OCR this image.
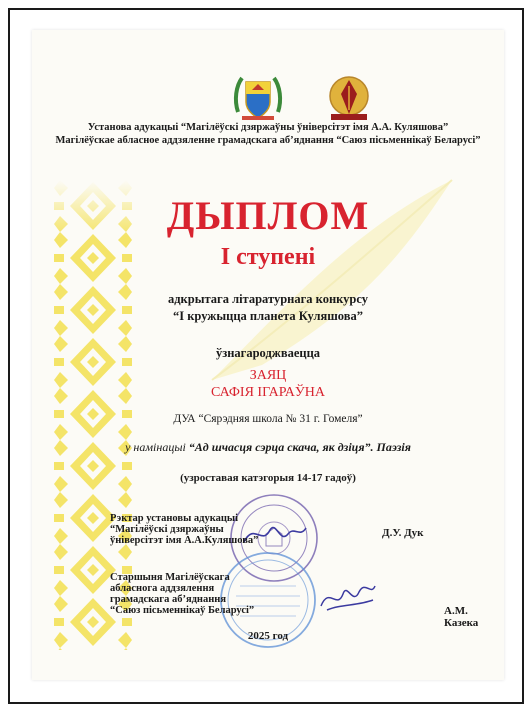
Установа адукацыі “Магілёўскі дзяржаўны ўніверсітэт імя А.А. Куляшова”
Магілёўскае абласное аддзяленне грамадскага аб’яднання “Саюз пісьменнікаў Беларусі”
ДЫПЛОМ
І ступені
адкрытага літаратурнага конкурсу
“І кружыцца планета Куляшова”
ўзнагароджваецца
ЗАЯЦ
САФІЯ ІГАРАЎНА
ДУА “Сярэдняя школа № 31 г. Гомеля”
у намінацыі “Ад шчасця сэрца скача, як дзіця”. Паэзія
(узроставая катэгорыя 14-17 гадоў)
Рэктар установы адукацыі
“Магілёўскі дзяржаўны
ўніверсітэт імя А.А.Куляшова”
Д.У. Дук
Старшыня Магілёўскага
абласнога аддзялення
грамадскага аб’яднання
“Саюз пісьменнікаў Беларусі”	А.М. Казека
2025 год
